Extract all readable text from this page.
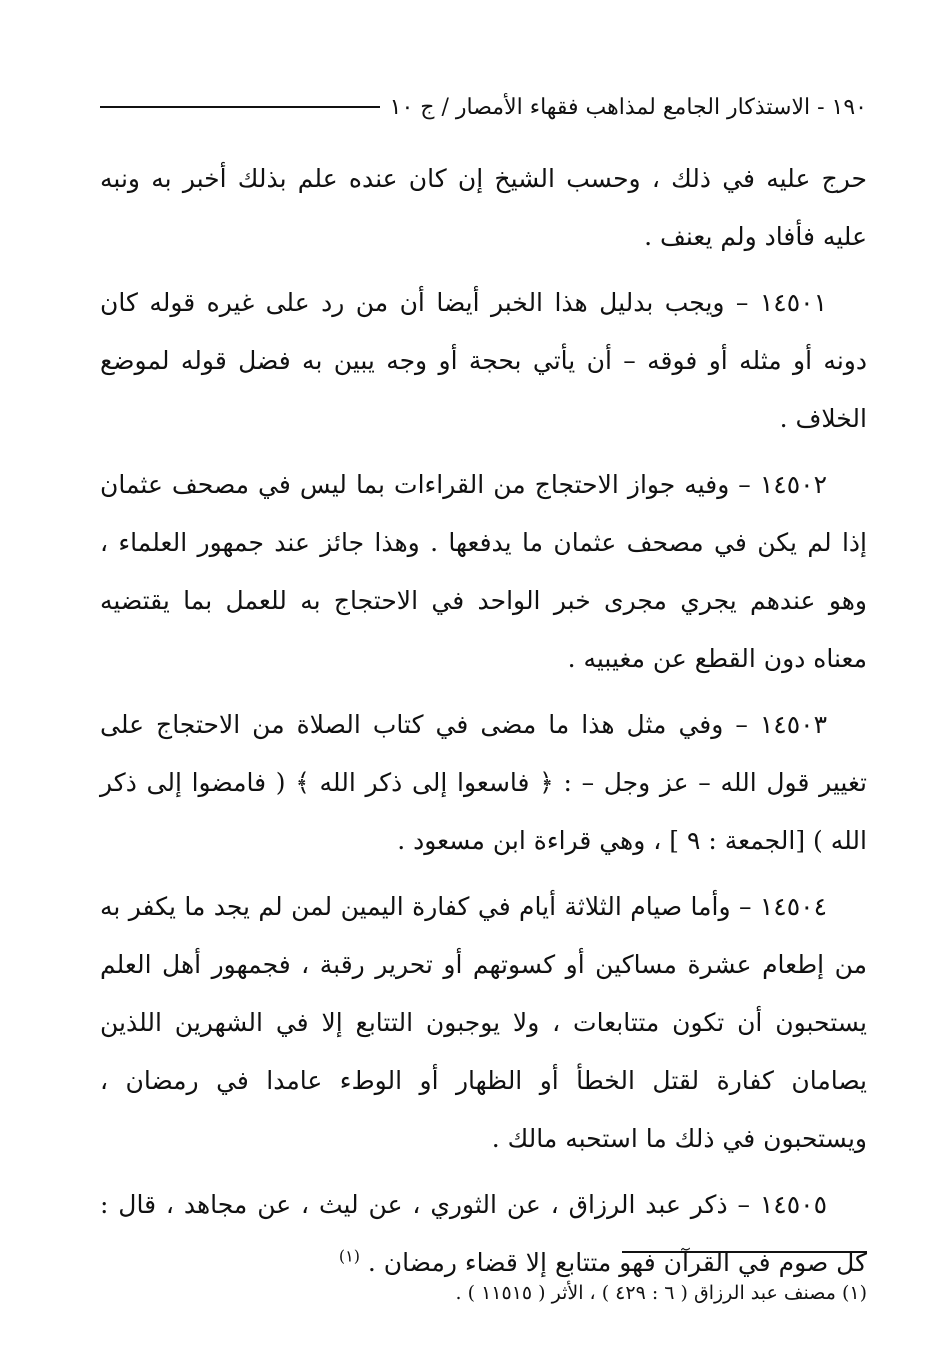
١٩٠ - الاستذكار الجامع لمذاهب فقهاء الأمصار / ج ١٠

حرج عليه في ذلك ، وحسب الشيخ إن كان عنده علم بذلك أخبر به ونبه عليه فأفاد ولم يعنف .

١٤٥٠١ – ويجب بدليل هذا الخبر أيضا أن من رد على غيره قوله كان دونه أو مثله أو فوقه – أن يأتي بحجة أو وجه يبين به فضل قوله لموضع الخلاف .

١٤٥٠٢ – وفيه جواز الاحتجاج من القراءات بما ليس في مصحف عثمان إذا لم يكن في مصحف عثمان ما يدفعها . وهذا جائز عند جمهور العلماء ، وهو عندهم يجري مجرى خبر الواحد في الاحتجاج به للعمل بما يقتضيه معناه دون القطع عن مغيبيه .

١٤٥٠٣ – وفي مثل هذا ما مضى في كتاب الصلاة من الاحتجاج على تغيير قول الله – عز وجل – : ﴿ فاسعوا إلى ذكر الله ﴾ ( فامضوا إلى ذكر الله ) [الجمعة : ٩ ] ، وهي قراءة ابن مسعود .

١٤٥٠٤ – وأما صيام الثلاثة أيام في كفارة اليمين لمن لم يجد ما يكفر به من إطعام عشرة مساكين أو كسوتهم أو تحرير رقبة ، فجمهور أهل العلم يستحبون أن تكون متتابعات ، ولا يوجبون التتابع إلا في الشهرين اللذين يصامان كفارة لقتل الخطأ أو الظهار أو الوطء عامدا في رمضان ، ويستحبون في ذلك ما استحبه مالك .

١٤٥٠٥ – ذكر عبد الرزاق ، عن الثوري ، عن ليث ، عن مجاهد ، قال : كل صوم في القرآن فهو متتابع إلا قضاء رمضان . $^{(١)}$

(١) مصنف عبد الرزاق ( ٦ : ٤٢٩ ) ، الأثر ( ١١٥١٥ ) .
